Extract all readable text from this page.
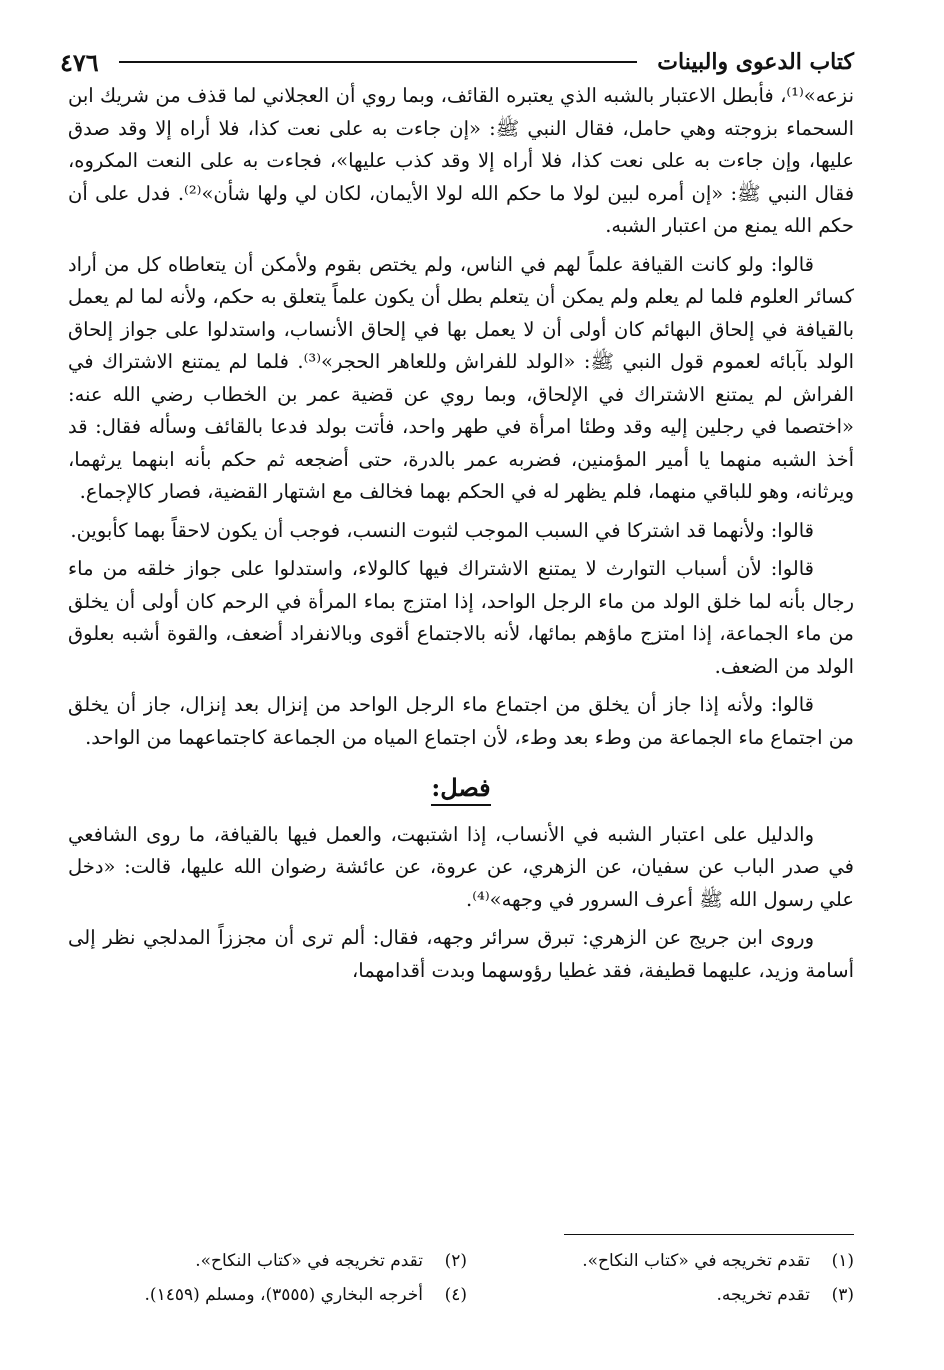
كتاب الدعوى والبينات
٤٧٦

نزعه»⁽¹⁾، فأبطل الاعتبار بالشبه الذي يعتبره القائف، وبما روي أن العجلاني لما قذف من شريك ابن السحماء بزوجته وهي حامل، فقال النبي ﷺ: «إن جاءت به على نعت كذا، فلا أراه إلا وقد صدق عليها، وإن جاءت به على نعت كذا، فلا أراه إلا وقد كذب عليها»، فجاءت به على النعت المكروه، فقال النبي ﷺ: «إن أمره لبين لولا ما حكم الله لولا الأيمان، لكان لي ولها شأن»⁽²⁾. فدل على أن حكم الله يمنع من اعتبار الشبه.

قالوا: ولو كانت القيافة علماً لهم في الناس، ولم يختص بقوم ولأمكن أن يتعاطاه كل من أراد كسائر العلوم فلما لم يعلم ولم يمكن أن يتعلم بطل أن يكون علماً يتعلق به حكم، ولأنه لما لم يعمل بالقيافة في إلحاق البهائم كان أولى أن لا يعمل بها في إلحاق الأنساب، واستدلوا على جواز إلحاق الولد بآبائه لعموم قول النبي ﷺ: «الولد للفراش وللعاهر الحجر»⁽³⁾. فلما لم يمتنع الاشتراك في الفراش لم يمتنع الاشتراك في الإلحاق، وبما روي عن قضية عمر بن الخطاب رضي الله عنه: «اختصما في رجلين إليه وقد وطئا امرأة في طهر واحد، فأتت بولد فدعا بالقائف وسأله فقال: قد أخذ الشبه منهما يا أمير المؤمنين، فضربه عمر بالدرة، حتى أضجعه ثم حكم بأنه ابنهما يرثهما، ويرثانه، وهو للباقي منهما، فلم يظهر له في الحكم بهما فخالف مع اشتهار القضية، فصار كالإجماع.

قالوا: ولأنهما قد اشتركا في السبب الموجب لثبوت النسب، فوجب أن يكون لاحقاً بهما كأبوين.

قالوا: لأن أسباب التوارث لا يمتنع الاشتراك فيها كالولاء، واستدلوا على جواز خلقه من ماء رجال بأنه لما خلق الولد من ماء الرجل الواحد، إذا امتزج بماء المرأة في الرحم كان أولى أن يخلق من ماء الجماعة، إذا امتزج ماؤهم بمائها، لأنه بالاجتماع أقوى وبالانفراد أضعف، والقوة أشبه بعلوق الولد من الضعف.

قالوا: ولأنه إذا جاز أن يخلق من اجتماع ماء الرجل الواحد من إنزال بعد إنزال، جاز أن يخلق من اجتماع ماء الجماعة من وطء بعد وطء، لأن اجتماع المياه من الجماعة كاجتماعهما من الواحد.

فصل:

والدليل على اعتبار الشبه في الأنساب، إذا اشتبهت، والعمل فيها بالقيافة، ما روى الشافعي في صدر الباب عن سفيان، عن الزهري، عن عروة، عن عائشة رضوان الله عليها، قالت: «دخل علي رسول الله ﷺ أعرف السرور في وجهه»⁽⁴⁾.

وروى ابن جريج عن الزهري: تبرق سرائر وجهه، فقال: ألم ترى أن مجززاً المدلجي نظر إلى أسامة وزيد، عليهما قطيفة، فقد غطيا رؤوسهما وبدت أقدامهما،

(١)
تقدم تخريجه في «كتاب النكاح».
(٢)
تقدم تخريجه في «كتاب النكاح».
(٣)
تقدم تخريجه.
(٤)
أخرجه البخاري (٣٥٥٥)، ومسلم (١٤٥٩).
